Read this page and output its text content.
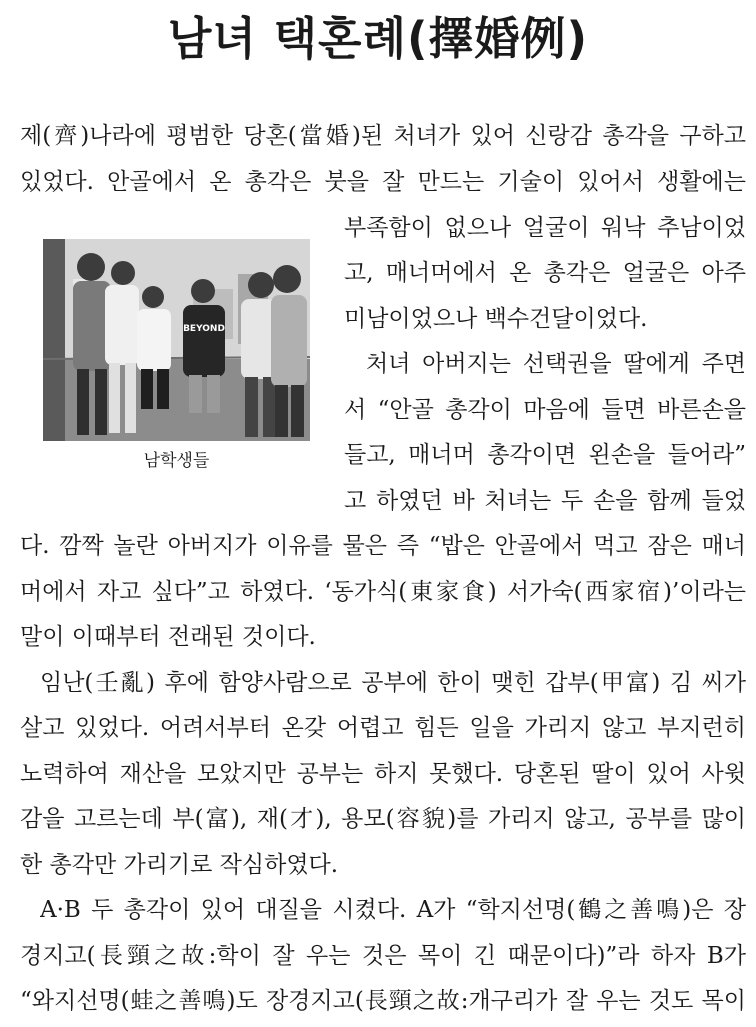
남녀 택혼례(擇婚例)
BEYOND
남학생들
제(齊)나라에 평범한 당혼(當婚)된 처녀가 있어 신랑감 총각을 구하고
있었다. 안골에서 온 총각은 붓을 잘 만드는 기술이 있어서 생활에는
부족함이 없으나 얼굴이 워낙 추남이었
고, 매너머에서 온 총각은 얼굴은 아주
미남이었으나 백수건달이었다.
처녀 아버지는 선택권을 딸에게 주면
서 “안골 총각이 마음에 들면 바른손을
들고, 매너머 총각이면 왼손을 들어라”
고 하였던 바 처녀는 두 손을 함께 들었
다. 깜짝 놀란 아버지가 이유를 물은 즉 “밥은 안골에서 먹고 잠은 매너
머에서 자고 싶다”고 하였다. ‘동가식(東家食) 서가숙(西家宿)’이라는
말이 이때부터 전래된 것이다.
임난(壬亂) 후에 함양사람으로 공부에 한이 맺힌 갑부(甲富) 김 씨가
살고 있었다. 어려서부터 온갖 어렵고 힘든 일을 가리지 않고 부지런히
노력하여 재산을 모았지만 공부는 하지 못했다. 당혼된 딸이 있어 사윗
감을 고르는데 부(富), 재(才), 용모(容貌)를 가리지 않고, 공부를 많이
한 총각만 가리기로 작심하였다.
A·B 두 총각이 있어 대질을 시켰다. A가 “학지선명(鶴之善鳴)은 장
경지고(長頸之故:학이 잘 우는 것은 목이 긴 때문이다)”라 하자 B가
“와지선명(蛙之善鳴)도 장경지고(長頸之故:개구리가 잘 우는 것도 목이
